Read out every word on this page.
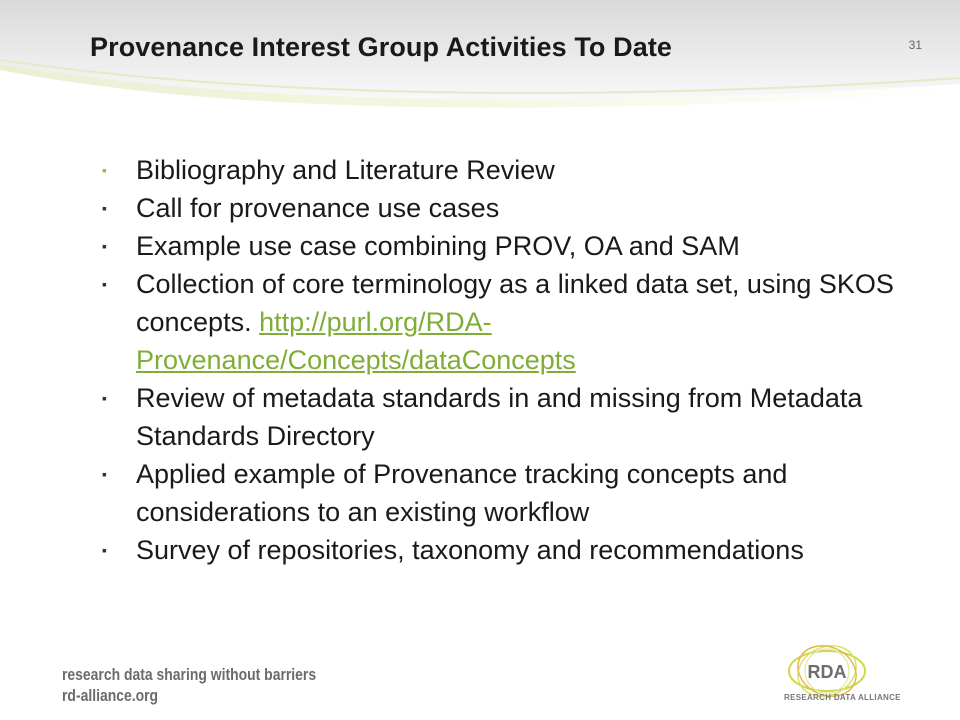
Provenance Interest Group Activities To Date	31
▪ Bibliography and Literature Review
▪ Call for provenance use cases
▪ Example use case combining PROV, OA and SAM
▪ Collection of core terminology as a linked data set, using SKOS concepts. http://purl.org/RDA-Provenance/Concepts/dataConcepts
▪ Review of metadata standards in and missing from Metadata Standards Directory
▪ Applied example of Provenance tracking concepts and considerations to an existing workflow
▪ Survey of repositories, taxonomy and recommendations
research data sharing without barriers
rd-alliance.org
RDA
RESEARCH DATA ALLIANCE
